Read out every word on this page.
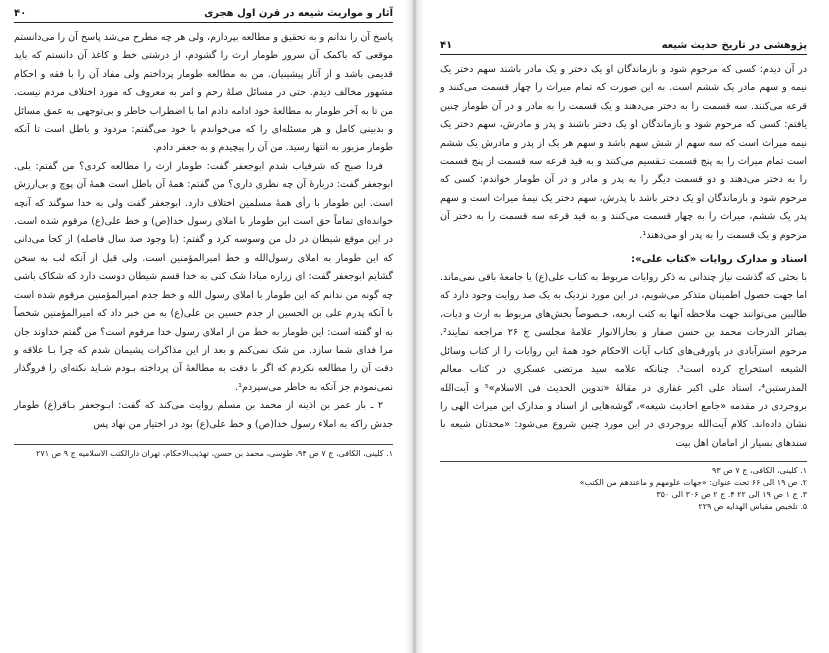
آثار و مواریث شیعه در قرن اول هجری
۴۰

پاسخ آن را ندانم و به تحقیق و مطالعه بپردازم، ولی هر چه مطرح می‌شد پاسخ آن را می‌دانستم موقعی که باکمک آن سرور طومار ارث را گشودم، از درشتی خط و کاغذ آن دانستم که باید قدیمی باشد و از آثار پیشینیان. من به مطالعه طومار پرداختم ولی مفاد آن را با فقه و احکام مشهور مخالف دیدم. حتی در مسائل صلهٔ رحم و امر به معروف که مورد اختلاف مردم نیست. من تا به آخر طومار به مطالعهٔ خود ادامه دادم اما با اضطراب خاطر و بی‌توجهی به عمق مسائل و بدبینی کامل و هر مسئله‌ای را که می‌خواندم با خود می‌گفتم: مردود و باطل است تا آنکه طومار مزبور به انتها رسید. من آن را پیچیدم و به جعفر دادم.

فردا صبح که شرفیاب شدم ابوجعفر گفت: طومار ارث را مطالعه کردی؟ من گفتم: بلی. ابوجعفر گفت: دربارهٔ آن چه نظری داری؟ من گفتم: همهٔ آن باطل است همهٔ آن پوچ و بی‌ارزش است. این طومار با رأی همهٔ مسلمین اختلاف دارد. ابوجعفر گفت ولی به خدا سوگند که آنچه خوانده‌ای تماماً حق است این طومار با املای رسول خدا(ص) و خط علی(ع) مرقوم شده است. در این موقع شیطان در دل من وسوسه کرد و گفتم: (با وجود صد سال فاصله) از کجا می‌دانی که این طومار به املای رسول‌الله و خط امیرالمؤمنین است. ولی قبل از آنکه لب به سخن گشایم ابوجعفر گفت: ای زراره مبادا شک کنی به خدا قسم شیطان دوست دارد که شکاک باشی چه گونه من ندانم که این طومار با املای رسول الله و خط جدم امیرالمؤمنین مرقوم شده است با آنکه پدرم علی بن الحسین از جدم حسین بن علی(ع) به من خبر داد که امیرالمؤمنین شخصاً به او گفته است: این طومار به خط من از املای رسول خدا مرقوم است؟ من گفتم خداوند جان مرا فدای شما سازد. من شک نمی‌کنم و بعد از این مذاکرات پشیمان شدم که چرا بـا علاقه و دقت آن را مطالعه نکردم که اگر با دقت به مطالعهٔ آن پرداخته بـودم شـاید نکته‌ای را فروگذار نمی‌نمودم جز آنکه به خاطر می‌سپردم¹.

۲ ـ باز عمر بن اذینه از محمد بن مسلم روایت می‌کند که گفت: ابـوجعفر بـاقر(ع) طومار جدش راکه به املاء رسول خدا(ص) و خط علی(ع) بود در اختیار من نهاد پس

۱. کلینی، الکافی، ج ۷ ص ۹۴، طوسی، محمد بن حسن، تهذیب‌الاحکام، تهران دارالکتب الاسلامیه ج ۹ ص ۲۷۱
پژوهشی در تاریخ حدیث شیعه
۴۱

در آن دیدم: کسی که مرحوم شود و بازماندگان او یک دختر و یک مادر باشند سهم دختر یک نیمه و سهم مادر یک ششم است. به این صورت که تمام میراث را چهار قسمت می‌کنند و قرعه می‌کنند. سه قسمت را به دختر می‌دهند و یک قسمت را به مادر و در آن طومار چنین یافتم: کسی که مرحوم شود و بازماندگان او یک دختر باشند و پدر و مادرش، سهم دختر یک نیمه میراث است که سه سهم از شش سهم باشد و سهم هر یک از پدر و مادرش یک ششم است تمام میراث را به پنج قسمت تـقسیم می‌کنند و به قید قرعه سه قسمت از پنج قسمت را به دختر می‌دهند و دو قسمت دیگر را به پدر و مادر و در آن طومار خواندم: کسی که مرحوم شود و بازماندگان او یک دختر باشد با پدرش، سهم دختر یک نیمهٔ میراث است و سهم پدر یک ششم، میراث را به چهار قسمت می‌کنند و به قید قرعه سه قسمت را به دختر آن مرحوم و یک قسمت را به پدر او می‌دهند¹.

اسناد و مدارک روایات «کتاب علی»:

با بحثی که گذشت نیاز چندانی به ذکر روایات مربوط به کتاب علی(ع) یا جامعهٔ باقی نمی‌ماند. اما جهت حصول اطمینان متذکر می‌شویم، در این مورد نزدیک به یک صد روایت وجود دارد که طالبین می‌توانند جهت ملاحظه آنها به کتب اربعه، خـصوصاً بخش‌های مربوط به ارث و دیات، بصائر الدرجات محمد بن حسن صفار و بحارالانوار علامهٔ مجلسی ج ۲۶ مراجعه نمایند². مرحوم استرآبادی در پاورقی‌های کتاب آیات الاحکام خود همهٔ این روایات را از کتاب وسائل الشیعه استخراج کرده است³. چنانکه علامه سید مرتضی عسکری در کتاب معالم المدرستین⁴، استاد علی اکبر غفاری در مقالهٔ «تدوین الحدیث فی الاسلام»⁵ و آیت‌الله بروجردی در مقدمه «جامع احادیث شیعه»، گوشه‌هایی از اسناد و مدارک این میراث الهی را نشان داده‌اند. کلام آیت‌الله بروجردی در این مورد چنین شروع می‌شود: «محدثان شیعه با سندهای بسیار از امامان اهل بیت

۱. کلینی، الکافی، ج ۷ ص ۹۳
۲. ص ۱۹ الی ۶۶ تحت عنوان: «جهات علومهم و ماعندهم من الکتب»
۳. ج ۱ ص ۱۹ الی ۲۲ ۴. ج ۲ ص ۳۰۶ الی ۳۵۰
۵. تلخیص مقباس الهدایه ص ۲۲۹
